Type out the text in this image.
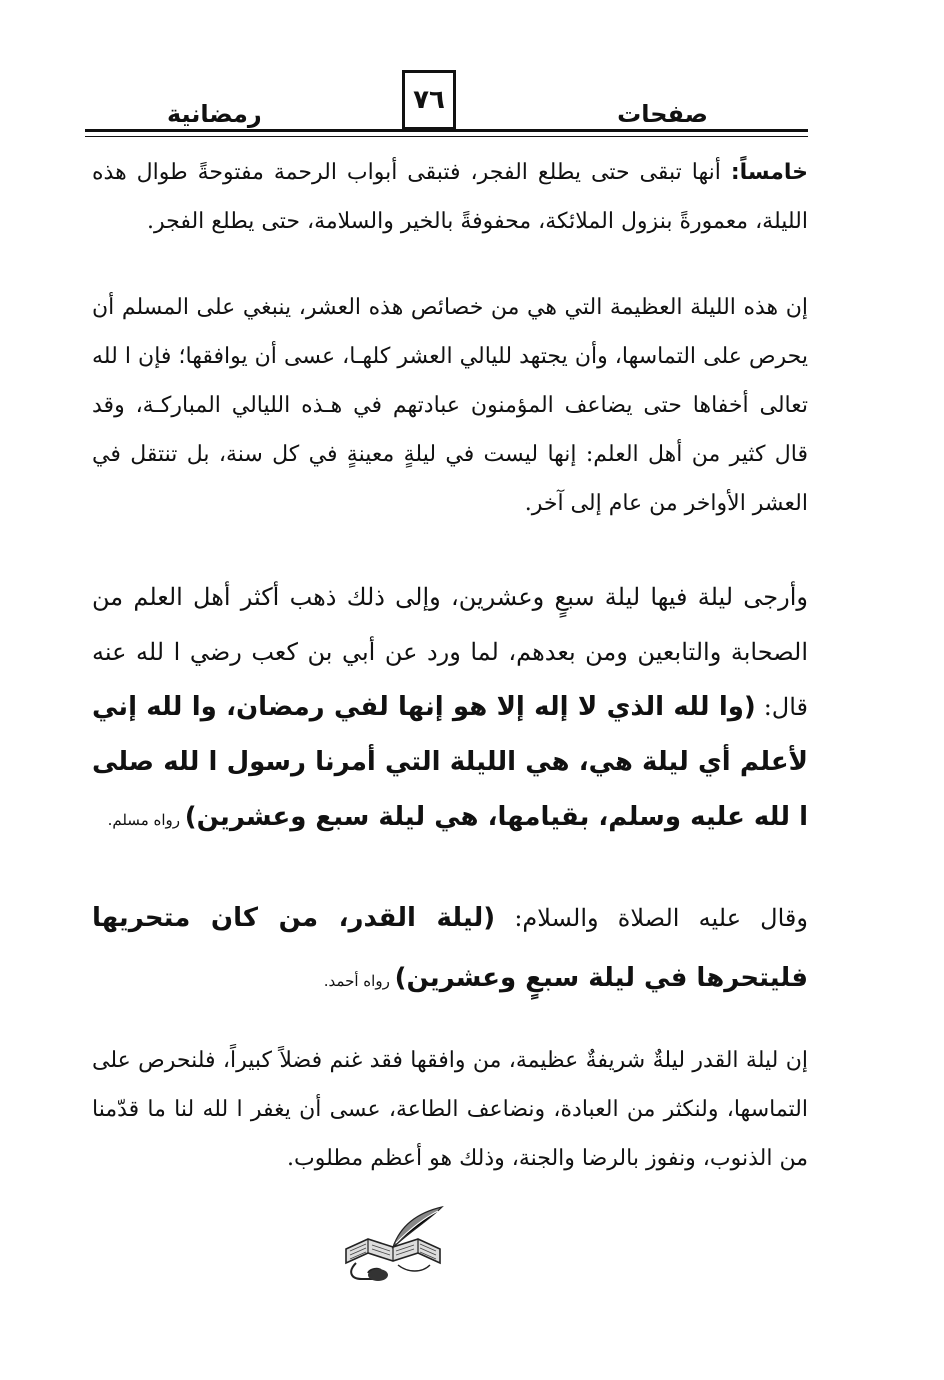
رمضانية	٧٦	صفحات
خامساً: أنها تبقى حتى يطلع الفجر، فتبقى أبواب الرحمة مفتوحةً طوال هذه الليلة، معمورةً بنزول الملائكة، محفوفةً بالخير والسلامة، حتى يطلع الفجر.
إن هذه الليلة العظيمة التي هي من خصائص هذه العشر، ينبغي على المسلم أن يحرص على التماسها، وأن يجتهد لليالي العشر كلهـا، عسى أن يوافقها؛ فإن ا لله تعالى أخفاها حتى يضاعف المؤمنون عبادتهم في هـذه الليالي المباركـة، وقد قال كثير من أهل العلم: إنها ليست في ليلةٍ معينةٍ في كل سنة، بل تنتقل في العشر الأواخر من عام إلى آخر.
وأرجى ليلة فيها ليلة سبعٍ وعشرين، وإلى ذلك ذهب أكثر أهل العلم من الصحابة والتابعين ومن بعدهم، لما ورد عن أبي بن كعب رضي ا لله عنه قال: (وا لله الذي لا إله إلا هو إنها لفي رمضان، وا لله إني لأعلم أي ليلة هي، هي الليلة التي أمرنا رسول ا لله صلى ا لله عليه وسلم، بقيامها، هي ليلة سبع وعشرين) رواه مسلم.
وقال عليه الصلاة والسلام: (ليلة القدر، من كان متحريها فليتحرها في ليلة سبعٍ وعشرين) رواه أحمد.
إن ليلة القدر ليلةٌ شريفةٌ عظيمة، من وافقها فقد غنم فضلاً كبيراً، فلنحرص على التماسها، ولنكثر من العبادة، ونضاعف الطاعة، عسى أن يغفر ا لله لنا ما قدّمنا من الذنوب، ونفوز بالرضا والجنة، وذلك هو أعظم مطلوب.
